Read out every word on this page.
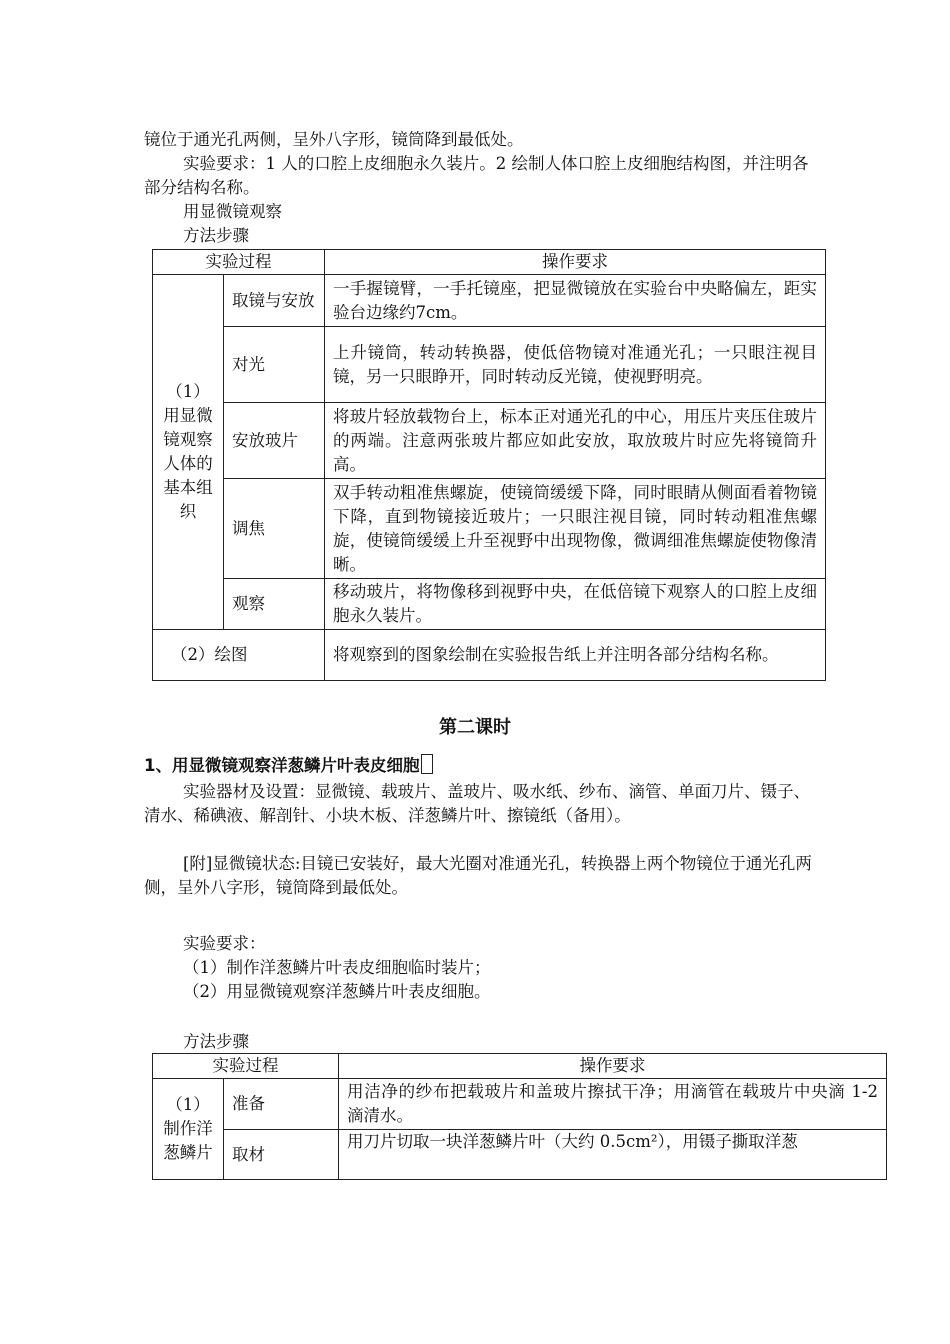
镜位于通光孔两侧，呈外八字形，镜筒降到最低处。

实验要求：1 人的口腔上皮细胞永久装片。2 绘制人体口腔上皮细胞结构图，并注明各部分结构名称。

用显微镜观察

方法步骤

实验过程		操作要求
（1）用显微镜观察人体的基本组织	取镜与安放	一手握镜臂，一手托镜座，把显微镜放在实验台中央略偏左，距实验台边缘约7cm。
	对光	上升镜筒，转动转换器，使低倍物镜对准通光孔；一只眼注视目镜，另一只眼睁开，同时转动反光镜，使视野明亮。
	安放玻片	将玻片轻放载物台上，标本正对通光孔的中心，用压片夹压住玻片的两端。注意两张玻片都应如此安放，取放玻片时应先将镜筒升高。
	调焦	双手转动粗准焦螺旋，使镜筒缓缓下降，同时眼睛从侧面看着物镜下降，直到物镜接近玻片；一只眼注视目镜，同时转动粗准焦螺旋，使镜筒缓缓上升至视野中出现物像，微调细准焦螺旋使物像清晰。
	观察	移动玻片，将物像移到视野中央，在低倍镜下观察人的口腔上皮细胞永久装片。
（2）绘图		将观察到的图象绘制在实验报告纸上并注明各部分结构名称。
第二课时
1、用显微镜观察洋葱鳞片叶表皮细胞

实验器材及设置：显微镜、载玻片、盖玻片、吸水纸、纱布、滴管、单面刀片、镊子、清水、稀碘液、解剖针、小块木板、洋葱鳞片叶、擦镜纸（备用）。

[附]显微镜状态:目镜已安装好，最大光圈对准通光孔，转换器上两个物镜位于通光孔两侧，呈外八字形，镜筒降到最低处。

实验要求：

（1）制作洋葱鳞片叶表皮细胞临时装片；

（2）用显微镜观察洋葱鳞片叶表皮细胞。

方法步骤

实验过程		操作要求
（1）制作洋葱鳞片	准备	用洁净的纱布把载玻片和盖玻片擦拭干净；用滴管在载玻片中央滴 1-2 滴清水。
	取材	用刀片切取一块洋葱鳞片叶（大约 0.5cm²），用镊子撕取洋葱
